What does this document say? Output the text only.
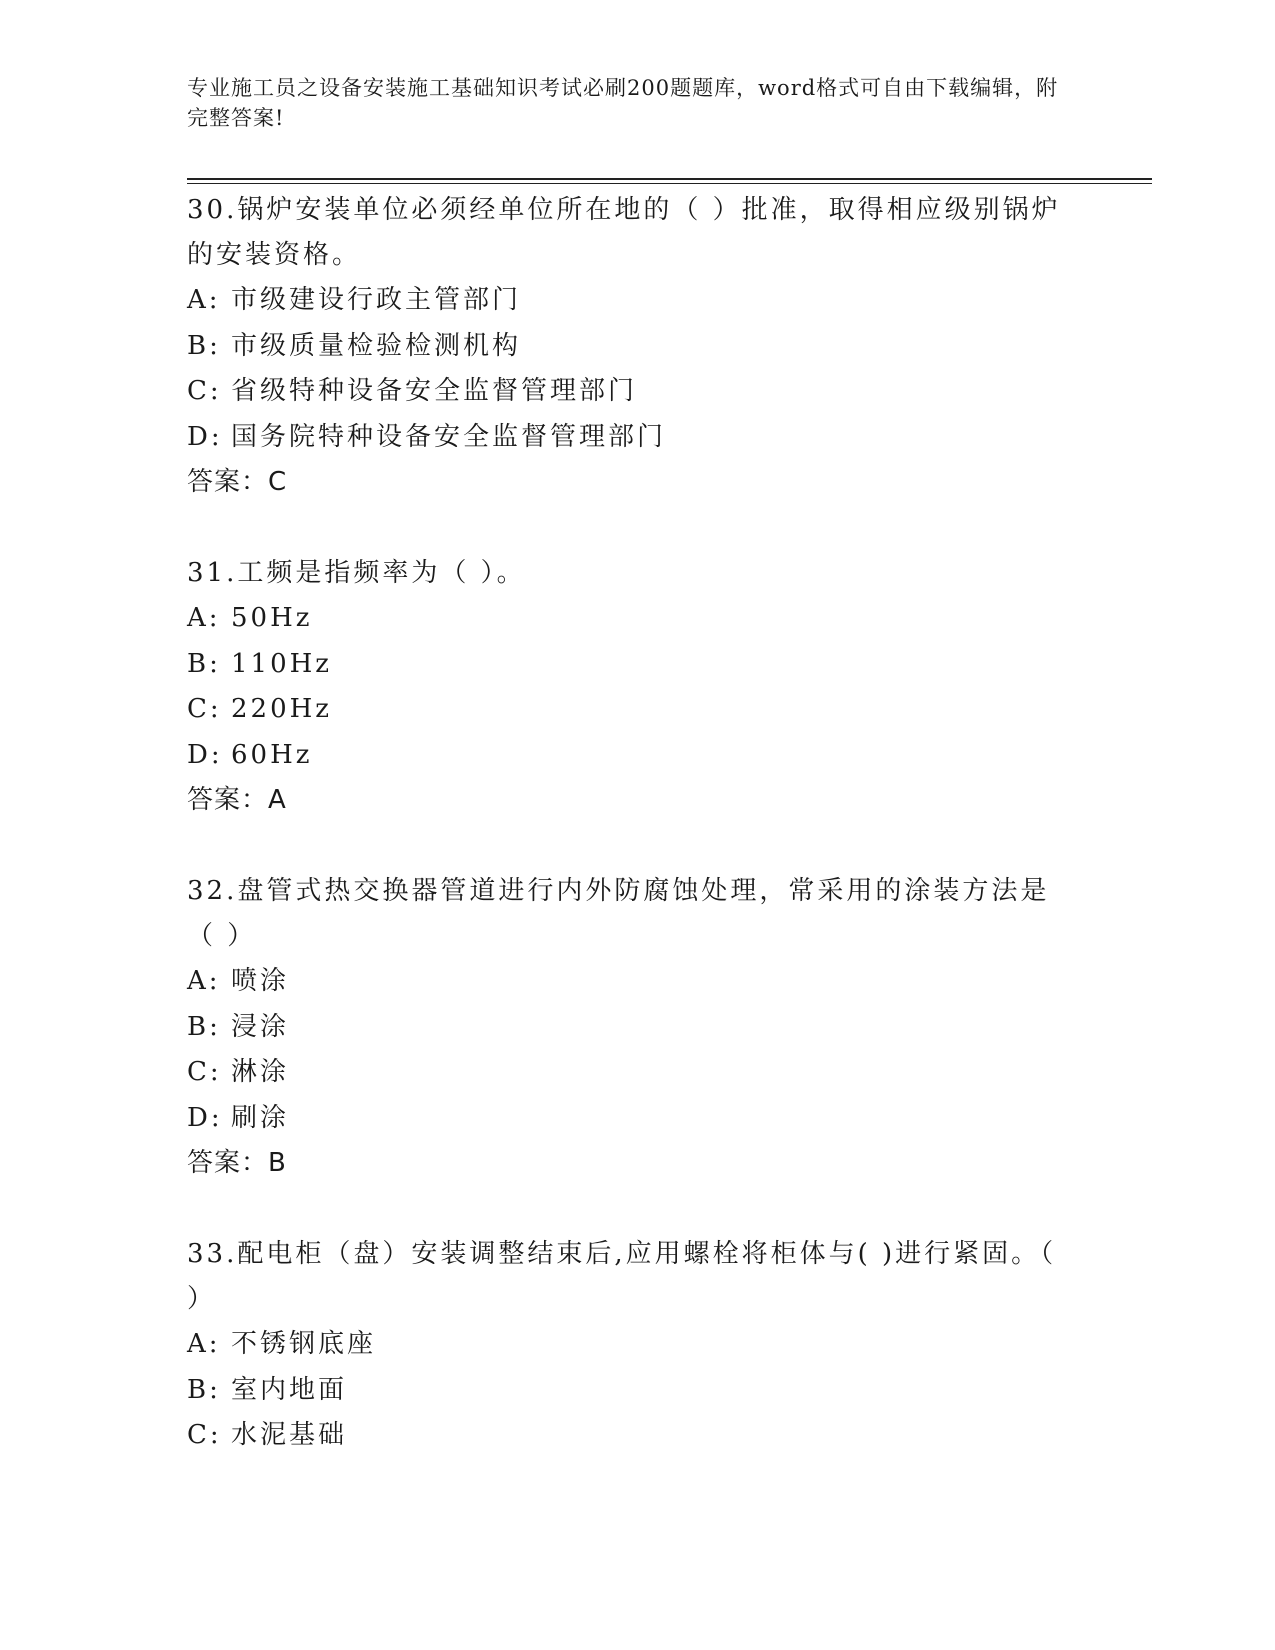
专业施工员之设备安装施工基础知识考试必刷200题题库，word格式可自由下载编辑，附完整答案!

30.锅炉安装单位必须经单位所在地的（ ）批准，取得相应级别锅炉的安装资格。

A: 市级建设行政主管部门

B: 市级质量检验检测机构

C: 省级特种设备安全监督管理部门

D: 国务院特种设备安全监督管理部门

答案：C

31.工频是指频率为（ ）。

A: 50Hz

B: 110Hz

C: 220Hz

D: 60Hz

答案：A

32.盘管式热交换器管道进行内外防腐蚀处理，常采用的涂装方法是（ ）

A: 喷涂

B: 浸涂

C: 淋涂

D: 刷涂

答案：B

33.配电柜（盘）安装调整结束后,应用螺栓将柜体与( )进行紧固。（ ）

A: 不锈钢底座

B: 室内地面

C: 水泥基础
